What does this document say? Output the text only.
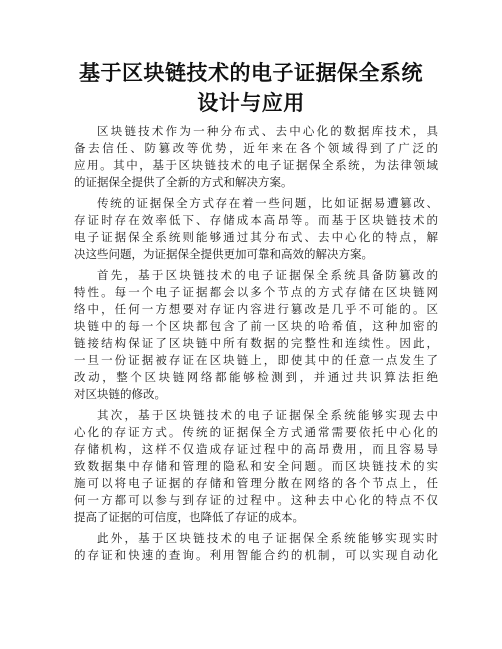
基于区块链技术的电子证据保全系统
设计与应用
区块链技术作为一种分布式、去中心化的数据库技术，具
备去信任、防篡改等优势，近年来在各个领域得到了广泛的
应用。其中，基于区块链技术的电子证据保全系统，为法律领域
的证据保全提供了全新的方式和解决方案。
传统的证据保全方式存在着一些问题，比如证据易遭篡改、
存证时存在效率低下、存储成本高昂等。而基于区块链技术的
电子证据保全系统则能够通过其分布式、去中心化的特点，解
决这些问题，为证据保全提供更加可靠和高效的解决方案。
首先，基于区块链技术的电子证据保全系统具备防篡改的
特性。每一个电子证据都会以多个节点的方式存储在区块链网
络中，任何一方想要对存证内容进行篡改是几乎不可能的。区
块链中的每一个区块都包含了前一区块的哈希值，这种加密的
链接结构保证了区块链中所有数据的完整性和连续性。因此，
一旦一份证据被存证在区块链上，即使其中的任意一点发生了
改动，整个区块链网络都能够检测到，并通过共识算法拒绝
对区块链的修改。
其次，基于区块链技术的电子证据保全系统能够实现去中
心化的存证方式。传统的证据保全方式通常需要依托中心化的
存储机构，这样不仅造成存证过程中的高昂费用，而且容易导
致数据集中存储和管理的隐私和安全问题。而区块链技术的实
施可以将电子证据的存储和管理分散在网络的各个节点上，任
何一方都可以参与到存证的过程中。这种去中心化的特点不仅
提高了证据的可信度，也降低了存证的成本。
此外，基于区块链技术的电子证据保全系统能够实现实时
的存证和快速的查询。利用智能合约的机制，可以实现自动化
